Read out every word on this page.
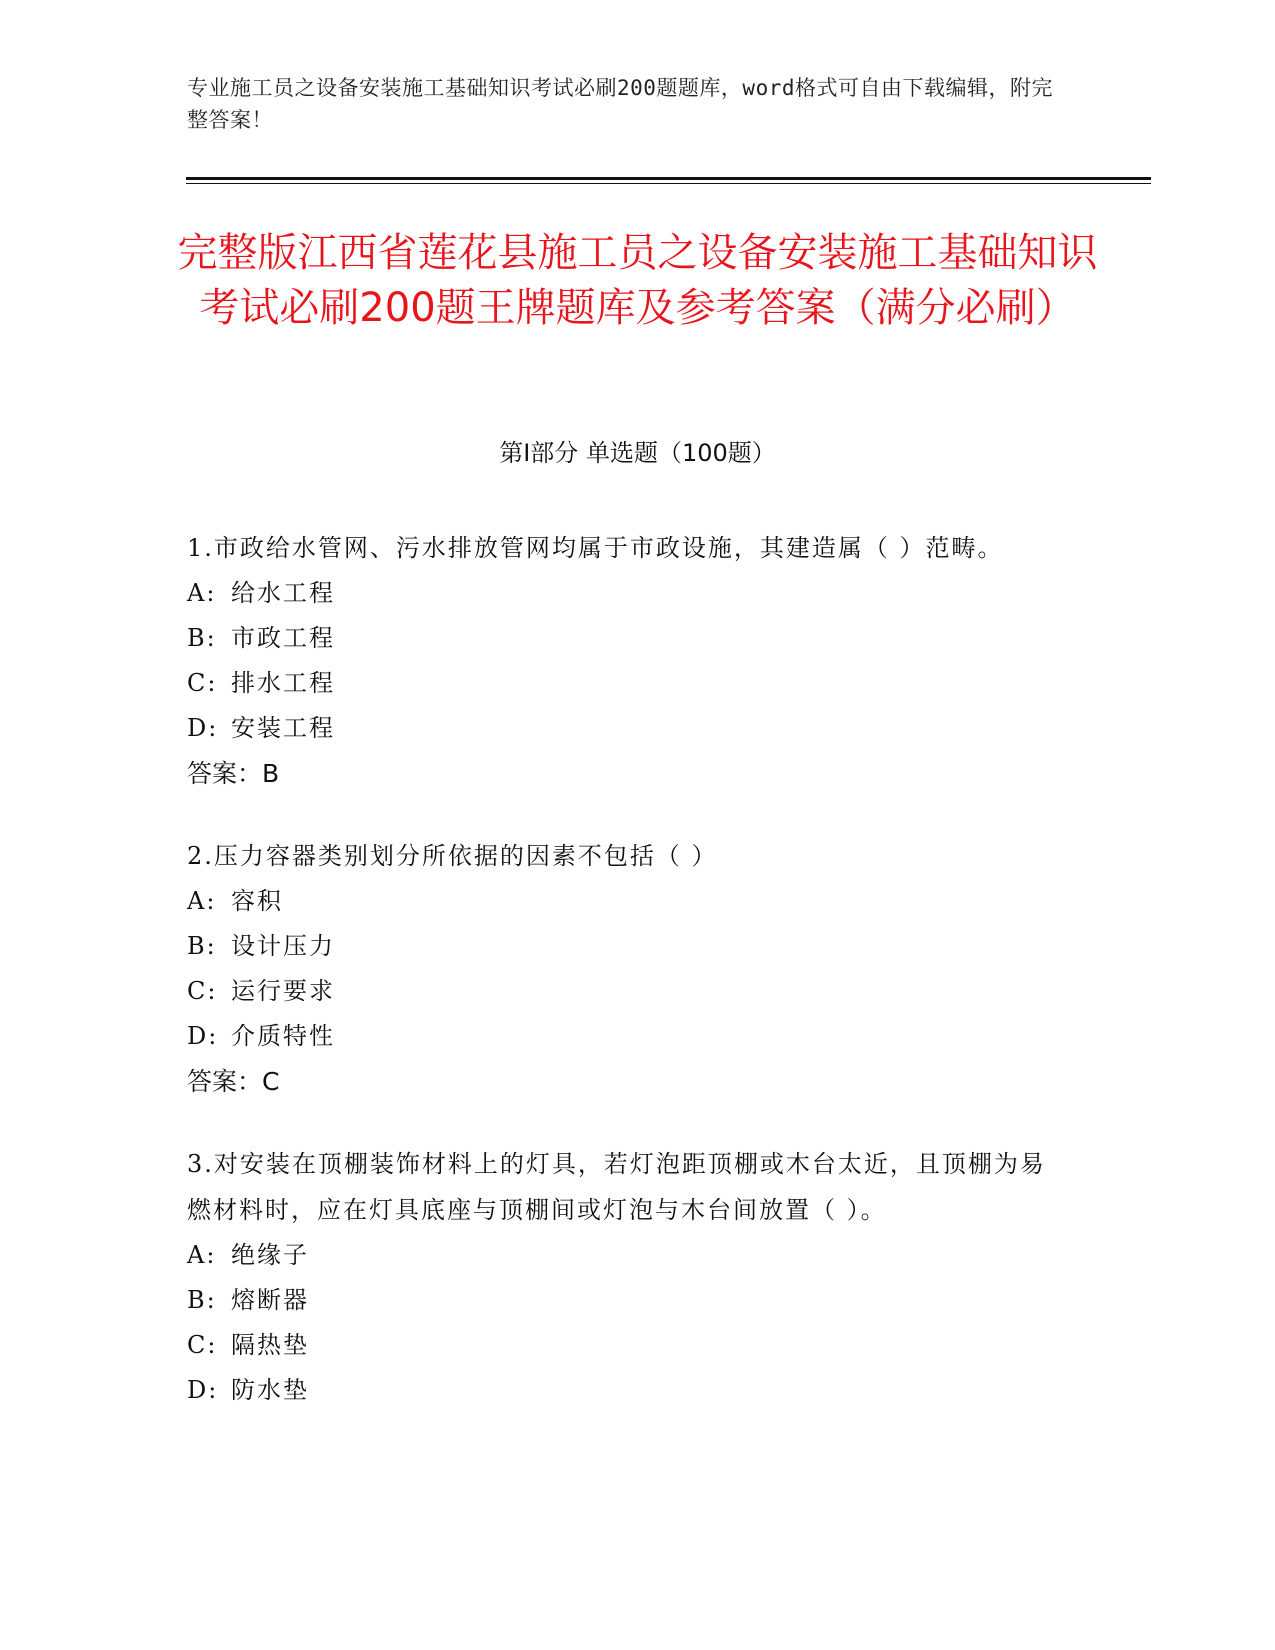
专业施工员之设备安装施工基础知识考试必刷200题题库，word格式可自由下载编辑，附完整答案！
完整版江西省莲花县施工员之设备安装施工基础知识考试必刷200题王牌题库及参考答案（满分必刷）
第Ⅰ部分 单选题（100题）
1.市政给水管网、污水排放管网均属于市政设施，其建造属（ ）范畴。
A: 给水工程
B: 市政工程
C: 排水工程
D: 安装工程
答案：B
2.压力容器类别划分所依据的因素不包括（ ）
A: 容积
B: 设计压力
C: 运行要求
D: 介质特性
答案：C
3.对安装在顶棚装饰材料上的灯具，若灯泡距顶棚或木台太近，且顶棚为易燃材料时，应在灯具底座与顶棚间或灯泡与木台间放置（ ）。
A: 绝缘子
B: 熔断器
C: 隔热垫
D: 防水垫
